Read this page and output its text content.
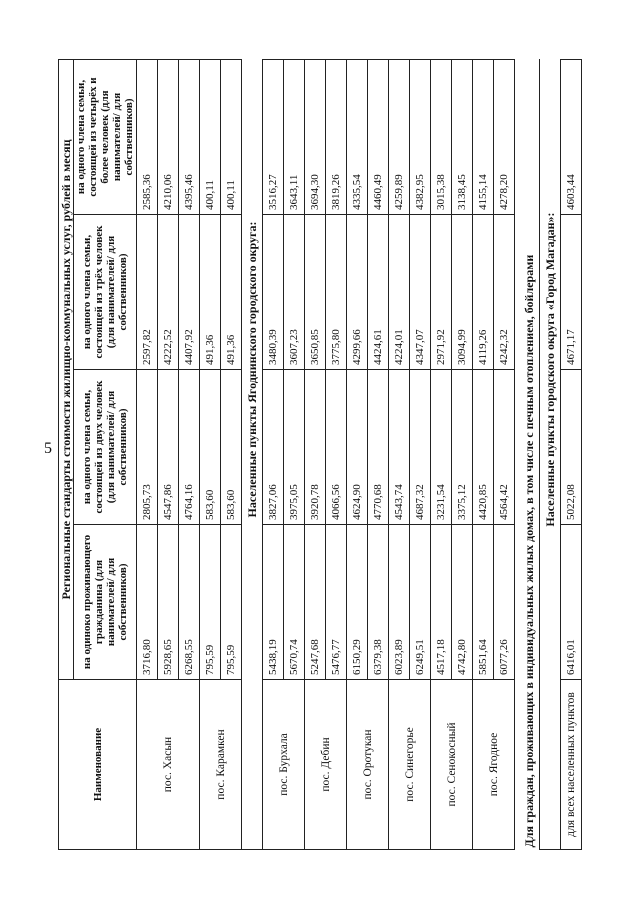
5
Наименование	Региональные стандарты стоимости жилищно-коммунальных услуг, рублей в месяц			
	на одиноко проживающего гражданина (для нанимателей/ для собственников)	на одного члена семьи, состоящей из двух человек (для нанимателей/ для собственников)	на одного члена семьи, состоящей из трёх человек (для нанимателей/ для собственников)	на одного члена семьи, состоящей из четырёх и более человек (для нанимателей/ для собственников)
пос. Хасын	3716,80	2805,73	2597,82	2585,36
	5928,65	4547,86	4222,52	4210,06
	6268,55	4764,16	4407,92	4395,46
пос. Карамкен	795,59	583,60	491,36	400,11
	795,59	583,60	491,36	400,11
	Населенные пункты Ягоднинского городского округа:			
пос. Бурхала	5438,19	3827,06	3480,39	3516,27
	5670,74	3975,05	3607,23	3643,11
пос. Дебин	5247,68	3920,78	3650,85	3694,30
	5476,77	4066,56	3775,80	3819,26
пос. Оротукан	6150,29	4624,90	4299,66	4335,54
	6379,38	4770,68	4424,61	4460,49
пос. Синегорье	6023,89	4543,74	4224,01	4259,89
	6249,51	4687,32	4347,07	4382,95
пос. Сенокосный	4517,18	3231,54	2971,92	3015,38
	4742,80	3375,12	3094,99	3138,45
пос. Ягодное	5851,64	4420,85	4119,26	4155,14
	6077,26	4564,42	4242,32	4278,20
Для граждан, проживающих в индивидуальных жилых домах, в том числе с печным отоплением, бойлерами				
	Населенные пункты городского округа «Город Магадан»:			
для всех населенных пунктов	6416,01	5022,08	4671,17	4603,44
